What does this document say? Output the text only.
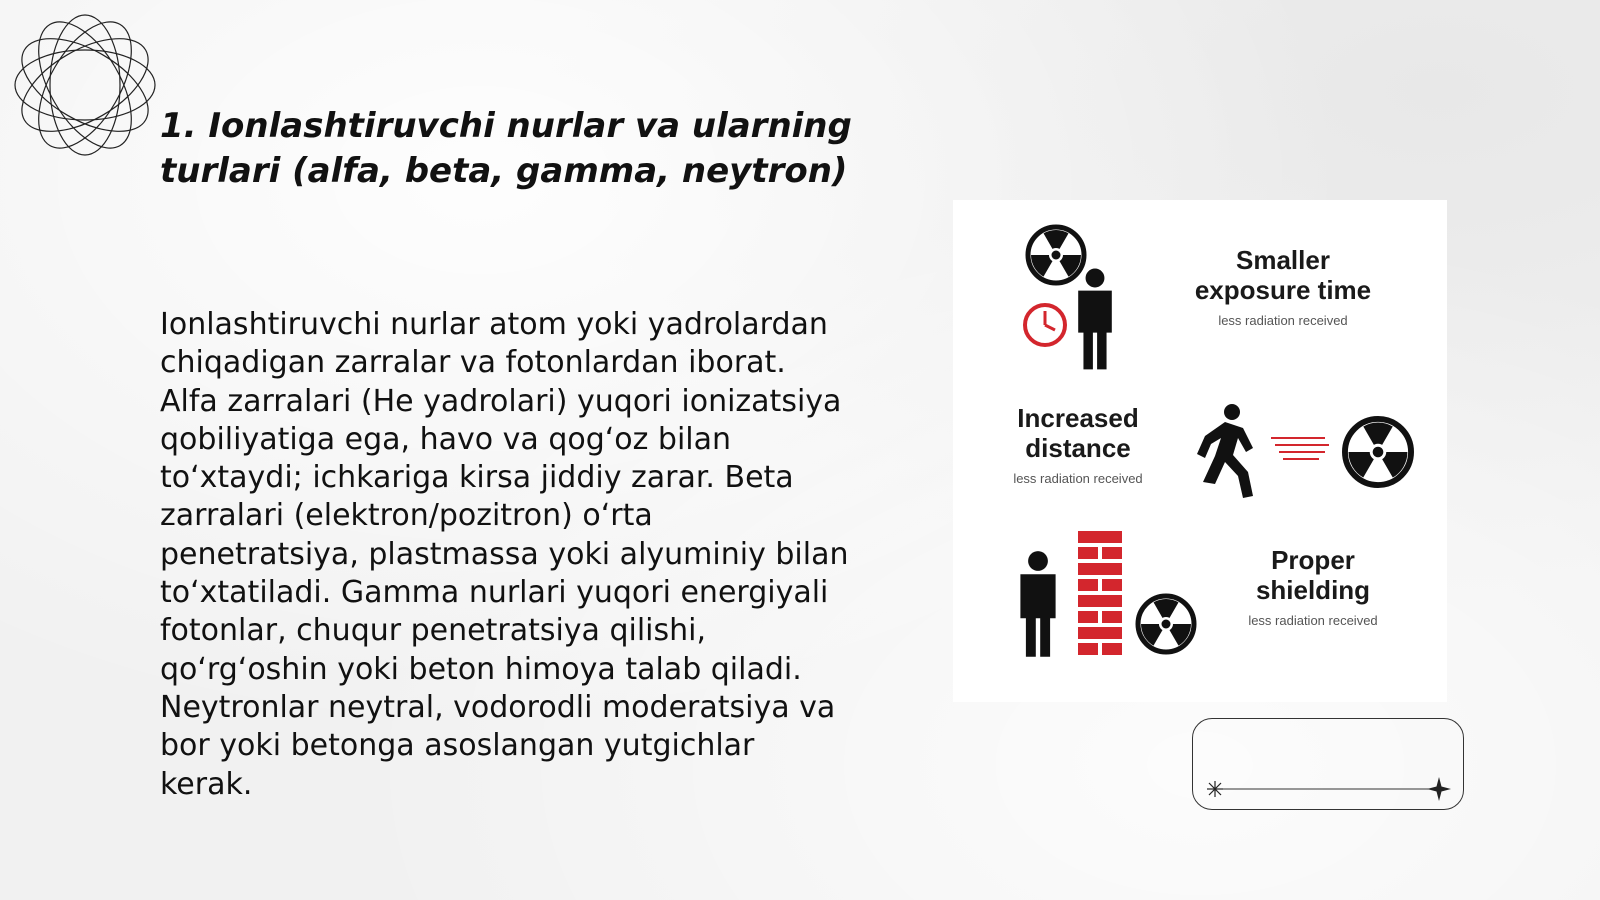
1. Ionlashtiruvchi nurlar va ularning
turlari (alfa, beta, gamma, neytron)

Ionlashtiruvchi nurlar atom yoki yadrolardan
chiqadigan zarralar va fotonlardan iborat.
Alfa zarralari (He yadrolari) yuqori ionizatsiya
qobiliyatiga ega, havo va qogʻoz bilan
toʻxtaydi; ichkariga kirsa jiddiy zarar. Beta
zarralari (elektron/pozitron) oʻrta
penetratsiya, plastmassa yoki alyuminiy bilan
toʻxtatiladi. Gamma nurlari yuqori energiyali
fotonlar, chuqur penetratsiya qilishi,
qoʻrgʻoshin yoki beton himoya talab qiladi.
Neytronlar neytral, vodorodli moderatsiya va
bor yoki betonga asoslangan yutgichlar
kerak.

Smaller
exposure time
less radiation received
Increased
distance
less radiation received
Proper
shielding
less radiation received
